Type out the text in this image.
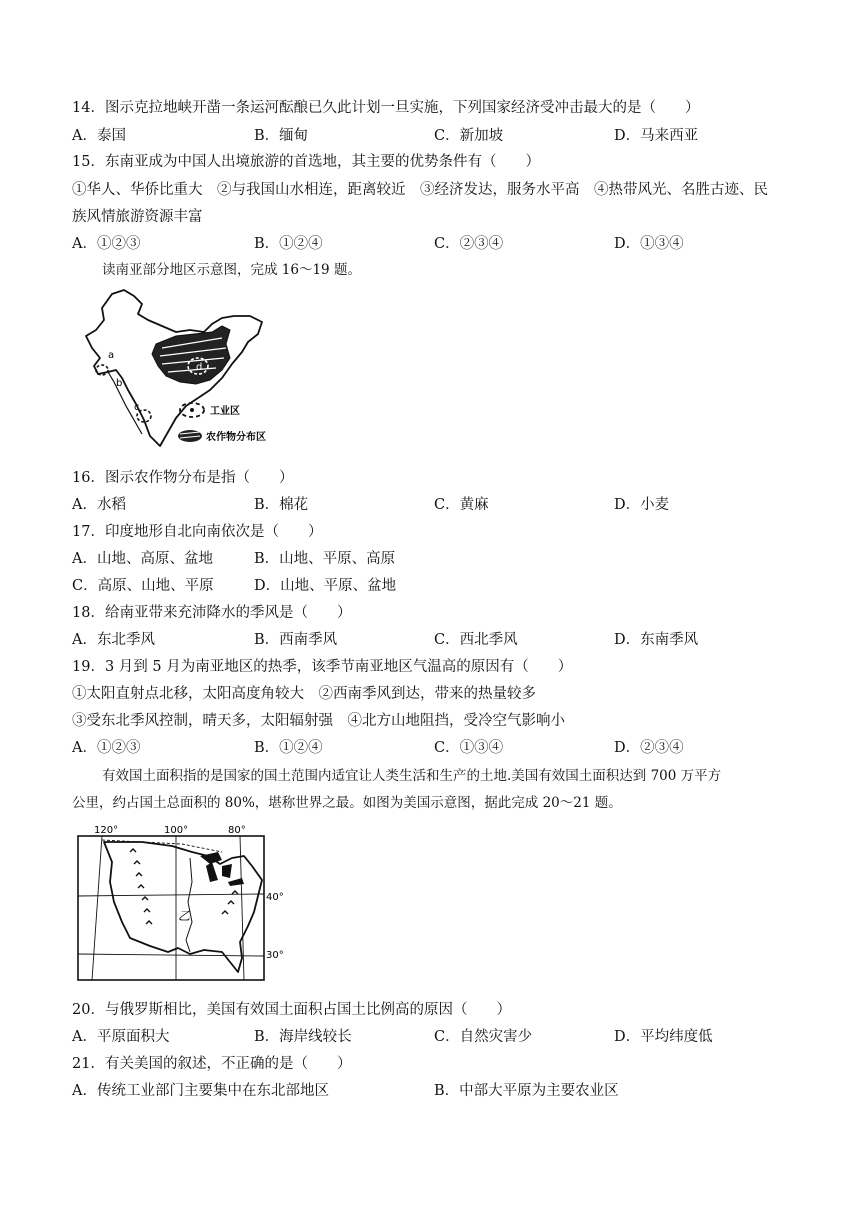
14．图示克拉地峡开凿一条运河酝酿已久此计划一旦实施，下列国家经济受冲击最大的是（　　）
A．泰国	B．缅甸	C．新加坡	D．马来西亚
15．东南亚成为中国人出境旅游的首选地，其主要的优势条件有（　　）
①华人、华侨比重大　②与我国山水相连，距离较近　③经济发达，服务水平高　④热带风光、名胜古迹、民
族风情旅游资源丰富
A．①②③	B．①②④	C．②③④	D．①③④
读南亚部分地区示意图，完成 16～19 题。
a
b
c
d
工业区
农作物分布区
16．图示农作物分布是指（　　）
A．水稻	B．棉花	C．黄麻	D．小麦
17．印度地形自北向南依次是（　　）
A．山地、高原、盆地	B．山地、平原、高原
C．高原、山地、平原	D．山地、平原、盆地
18．给南亚带来充沛降水的季风是（　　）
A．东北季风	B．西南季风	C．西北季风	D．东南季风
19．3 月到 5 月为南亚地区的热季，该季节南亚地区气温高的原因有（　　）
①太阳直射点北移，太阳高度角较大　②西南季风到达，带来的热量较多
③受东北季风控制，晴天多，太阳辐射强　④北方山地阻挡，受冷空气影响小
A．①②③	B．①②④	C．①③④	D．②③④
有效国土面积指的是国家的国土范围内适宜让人类生活和生产的土地.美国有效国土面积达到 700 万平方
公里，约占国土总面积的 80%，堪称世界之最。如图为美国示意图，据此完成 20～21 题。
120°	100°	80°
40°
30°
乙
20．与俄罗斯相比，美国有效国土面积占国土比例高的原因（　　）
A．平原面积大	B．海岸线较长	C．自然灾害少	D．平均纬度低
21．有关美国的叙述，不正确的是（　　）
A．传统工业部门主要集中在东北部地区	B．中部大平原为主要农业区
